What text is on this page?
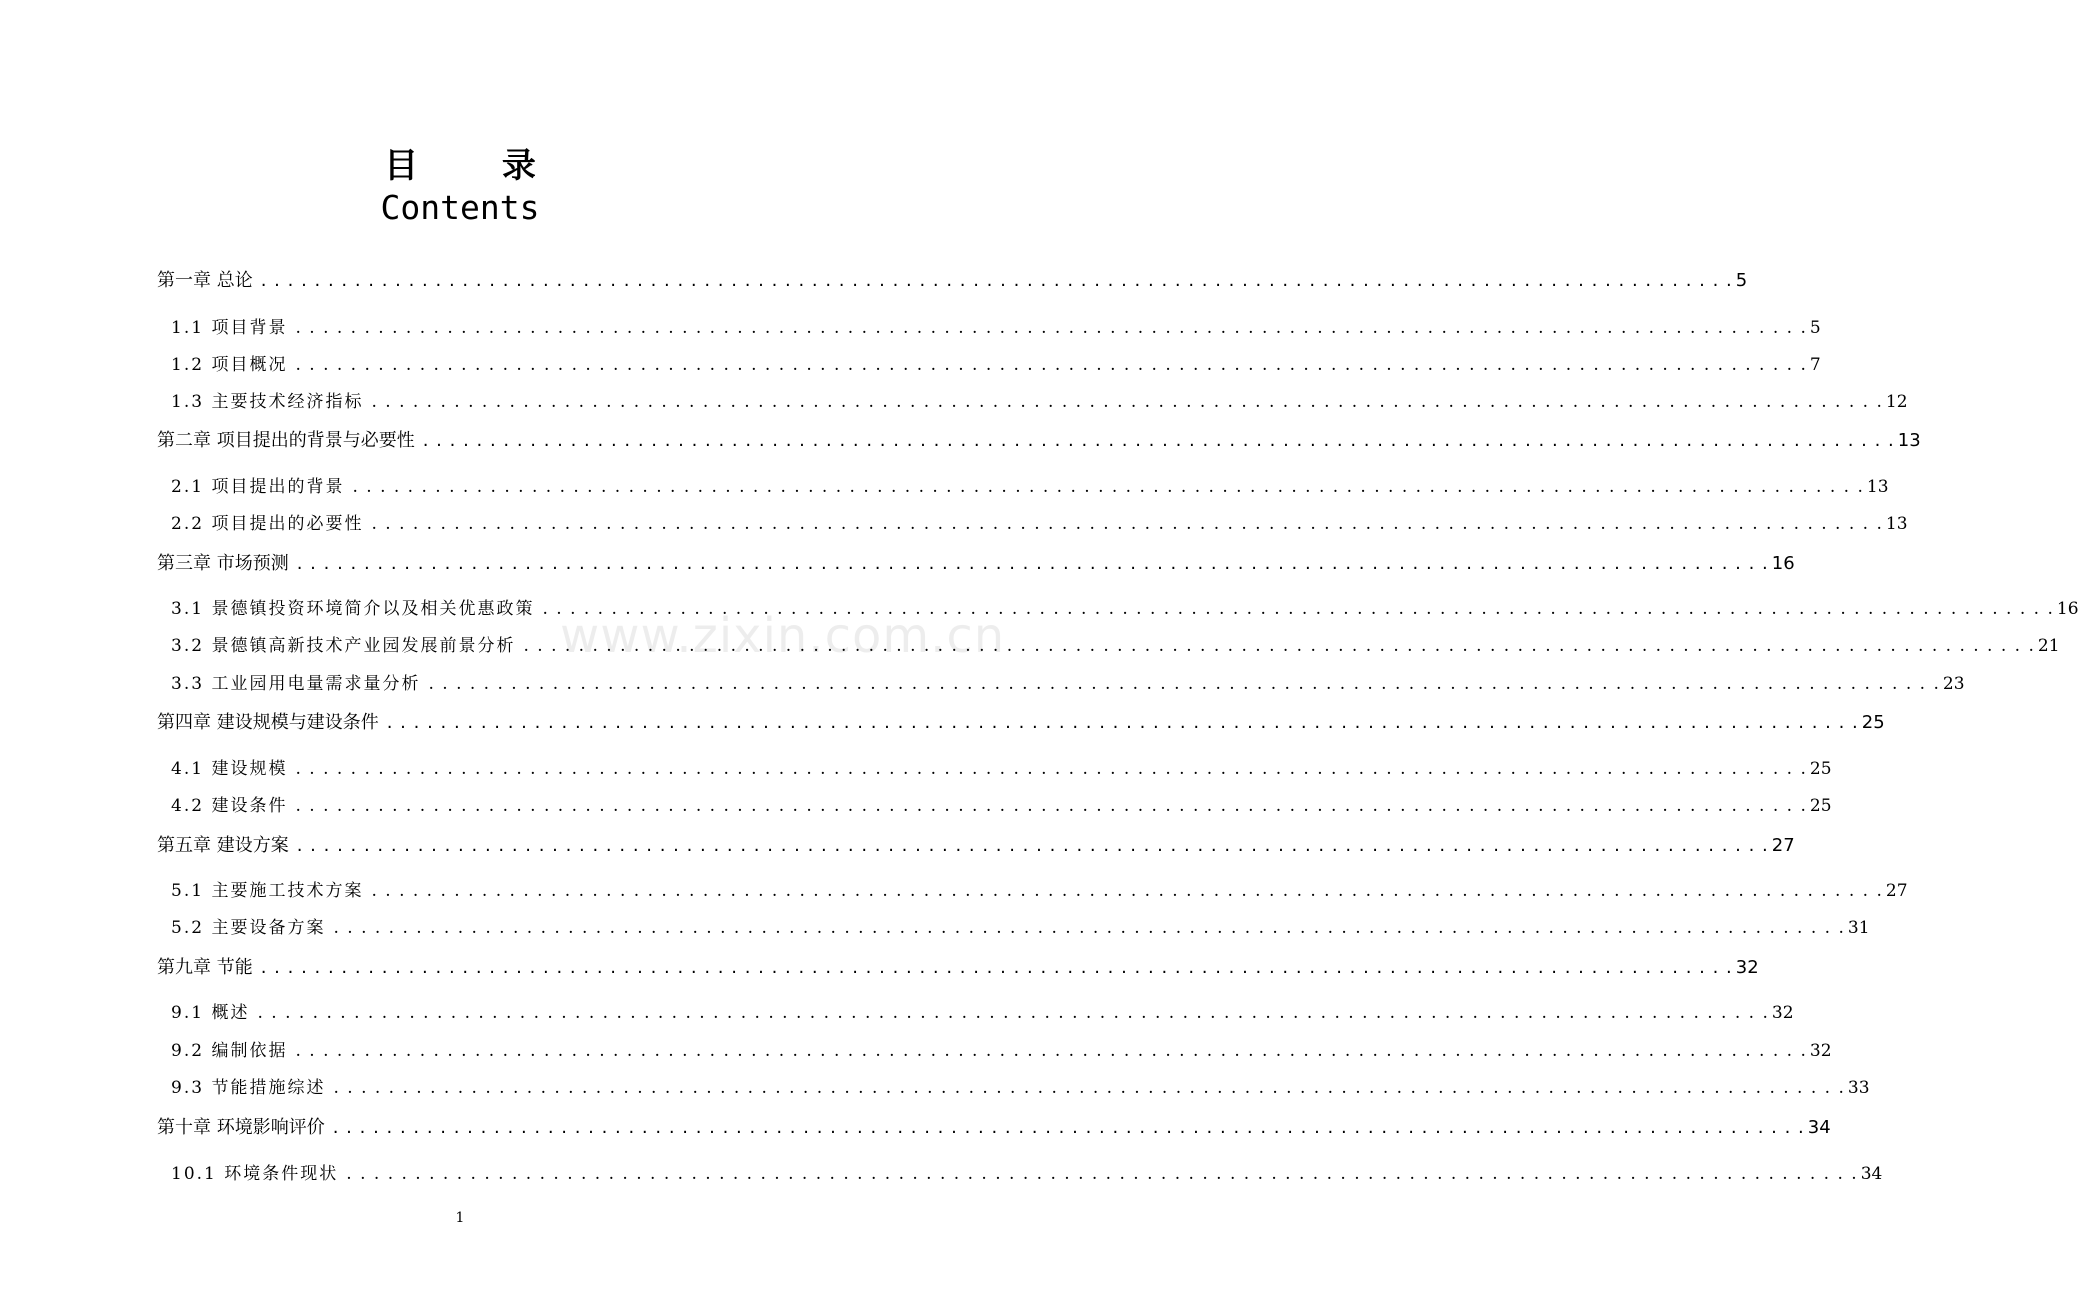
www.zixin.com.cn
目 录
Contents
第一章 总论 . . .	5
1.1 项目背景 . . .	5
1.2 项目概况 . . .	7
1.3 主要技术经济指标 . . .	12
第二章 项目提出的背景与必要性 . . .	13
2.1 项目提出的背景 . . .	13
2.2 项目提出的必要性 . . .	13
第三章 市场预测 . . .	16
3.1 景德镇投资环境简介以及相关优惠政策 . . .	16
3.2 景德镇高新技术产业园发展前景分析 . . .	21
3.3 工业园用电量需求量分析 . . .	23
第四章 建设规模与建设条件 . . .	25
4.1 建设规模 . . .	25
4.2 建设条件 . . .	25
第五章 建设方案 . . .	27
5.1 主要施工技术方案 . . .	27
5.2 主要设备方案 . . .	31
第九章 节能 . . .	32
9.1 概述 . . .	32
9.2 编制依据 . . .	32
9.3 节能措施综述 . . .	33
第十章 环境影响评价 . . .	34
10.1 环境条件现状 . . .	34
1
